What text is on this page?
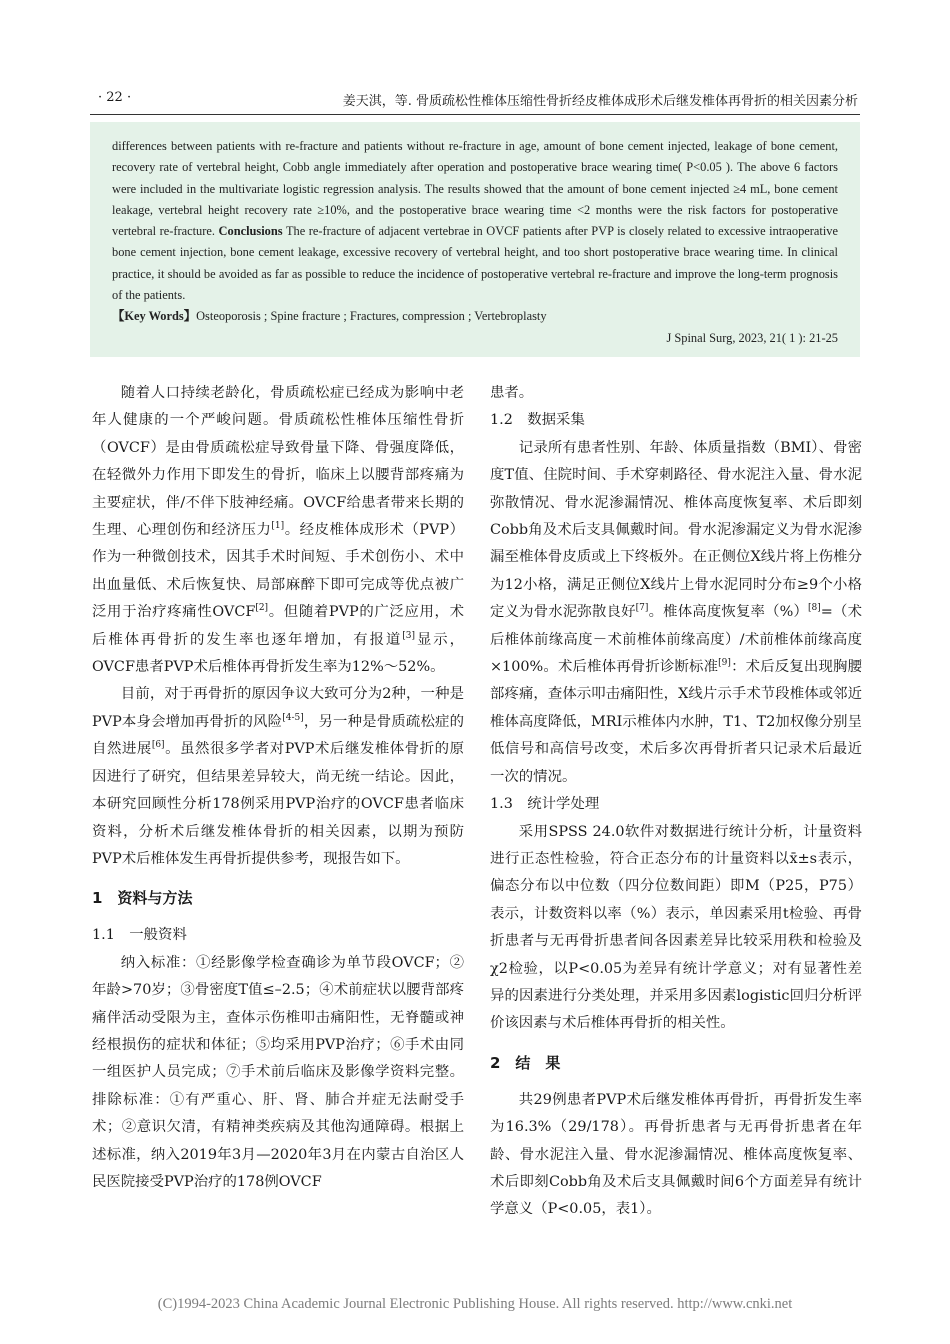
· 22 ·	姜天淇，等. 骨质疏松性椎体压缩性骨折经皮椎体成形术后继发椎体再骨折的相关因素分析

differences between patients with re-fracture and patients without re-fracture in age, amount of bone cement injected, leakage of bone cement, recovery rate of vertebral height, Cobb angle immediately after operation and postoperative brace wearing time( P<0.05 ). The above 6 factors were included in the multivariate logistic regression analysis. The results showed that the amount of bone cement injected ≥4 mL, bone cement leakage, vertebral height recovery rate ≥10%, and the postoperative brace wearing time <2 months were the risk factors for postoperative vertebral re-fracture. Conclusions The re-fracture of adjacent vertebrae in OVCF patients after PVP is closely related to excessive intraoperative bone cement injection, bone cement leakage, excessive recovery of vertebral height, and too short postoperative brace wearing time. In clinical practice, it should be avoided as far as possible to reduce the incidence of postoperative vertebral re-fracture and improve the long-term prognosis of the patients.

【Key Words】Osteoporosis ; Spine fracture ; Fractures, compression ; Vertebroplasty

J Spinal Surg, 2023, 21( 1 ): 21-25

随着人口持续老龄化，骨质疏松症已经成为影响中老年人健康的一个严峻问题。骨质疏松性椎体压缩性骨折（OVCF）是由骨质疏松症导致骨量下降、骨强度降低，在轻微外力作用下即发生的骨折，临床上以腰背部疼痛为主要症状，伴/不伴下肢神经痛。OVCF给患者带来长期的生理、心理创伤和经济压力[1]。经皮椎体成形术（PVP）作为一种微创技术，因其手术时间短、手术创伤小、术中出血量低、术后恢复快、局部麻醉下即可完成等优点被广泛用于治疗疼痛性OVCF[2]。但随着PVP的广泛应用，术后椎体再骨折的发生率也逐年增加，有报道[3]显示，OVCF患者PVP术后椎体再骨折发生率为12%～52%。

目前，对于再骨折的原因争议大致可分为2种，一种是PVP本身会增加再骨折的风险[4-5]，另一种是骨质疏松症的自然进展[6]。虽然很多学者对PVP术后继发椎体骨折的原因进行了研究，但结果差异较大，尚无统一结论。因此，本研究回顾性分析178例采用PVP治疗的OVCF患者临床资料，分析术后继发椎体骨折的相关因素，以期为预防PVP术后椎体发生再骨折提供参考，现报告如下。

1　资料与方法
1.1　一般资料

纳入标准：①经影像学检查确诊为单节段OVCF；②年龄>70岁；③骨密度T值≤–2.5；④术前症状以腰背部疼痛伴活动受限为主，查体示伤椎叩击痛阳性，无脊髓或神经根损伤的症状和体征；⑤均采用PVP治疗；⑥手术由同一组医护人员完成；⑦手术前后临床及影像学资料完整。排除标准：①有严重心、肝、肾、肺合并症无法耐受手术；②意识欠清，有精神类疾病及其他沟通障碍。根据上述标准，纳入2019年3月—2020年3月在内蒙古自治区人民医院接受PVP治疗的178例OVCF

患者。

1.2　数据采集

记录所有患者性别、年龄、体质量指数（BMI）、骨密度T值、住院时间、手术穿刺路径、骨水泥注入量、骨水泥弥散情况、骨水泥渗漏情况、椎体高度恢复率、术后即刻Cobb角及术后支具佩戴时间。骨水泥渗漏定义为骨水泥渗漏至椎体骨皮质或上下终板外。在正侧位X线片将上伤椎分为12小格，满足正侧位X线片上骨水泥同时分布≥9个小格定义为骨水泥弥散良好[7]。椎体高度恢复率（%）[8]=（术后椎体前缘高度－术前椎体前缘高度）/术前椎体前缘高度×100%。术后椎体再骨折诊断标准[9]：术后反复出现胸腰部疼痛，查体示叩击痛阳性，X线片示手术节段椎体或邻近椎体高度降低，MRI示椎体内水肿，T1、T2加权像分别呈低信号和高信号改变，术后多次再骨折者只记录术后最近一次的情况。

1.3　统计学处理

采用SPSS 24.0软件对数据进行统计分析，计量资料进行正态性检验，符合正态分布的计量资料以x̄±s表示，偏态分布以中位数（四分位数间距）即M（P25，P75）表示，计数资料以率（%）表示，单因素采用t检验、再骨折患者与无再骨折患者间各因素差异比较采用秩和检验及χ2检验，以P<0.05为差异有统计学意义；对有显著性差异的因素进行分类处理，并采用多因素logistic回归分析评价该因素与术后椎体再骨折的相关性。

2　结　果

共29例患者PVP术后继发椎体再骨折，再骨折发生率为16.3%（29/178）。再骨折患者与无再骨折患者在年龄、骨水泥注入量、骨水泥渗漏情况、椎体高度恢复率、术后即刻Cobb角及术后支具佩戴时间6个方面差异有统计学意义（P<0.05，表1）。

(C)1994-2023 China Academic Journal Electronic Publishing House. All rights reserved. http://www.cnki.net
